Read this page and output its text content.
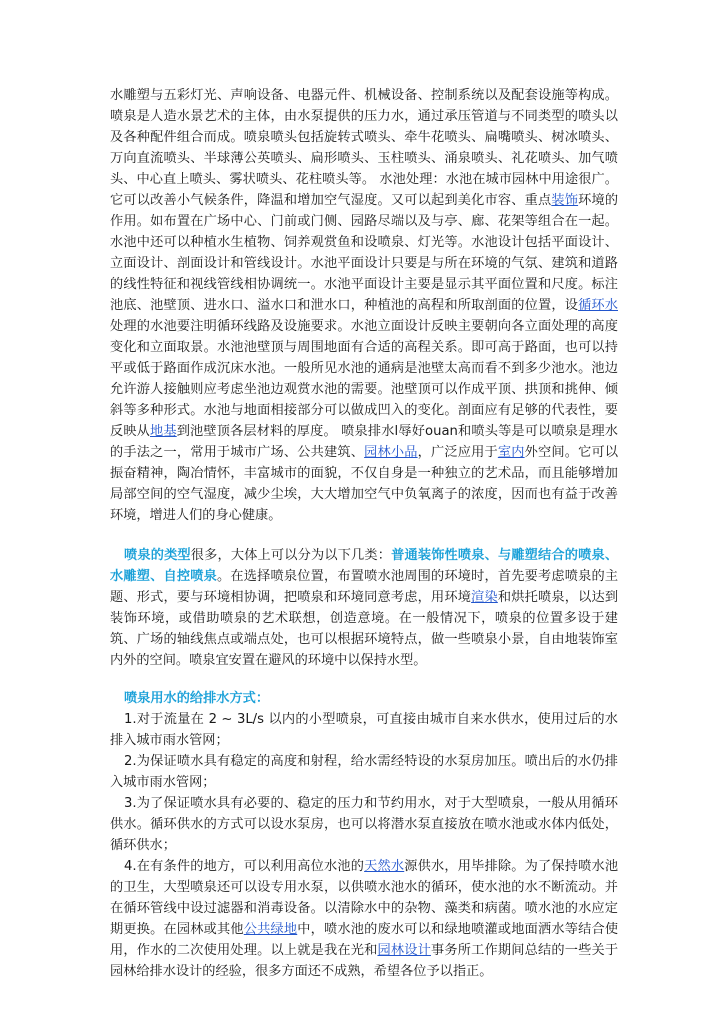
水雕塑与五彩灯光、声响设备、电器元件、机械设备、控制系统以及配套设施等构成。喷泉是人造水景艺术的主体，由水泵提供的压力水，通过承压管道与不同类型的喷头以及各种配件组合而成。喷泉喷头包括旋转式喷头、牵牛花喷头、扁嘴喷头、树冰喷头、万向直流喷头、半球薄公英喷头、扁形喷头、玉柱喷头、涌泉喷头、礼花喷头、加气喷头、中心直上喷头、雾状喷头、花柱喷头等。 水池处理：水池在城市园林中用途很广。它可以改善小气候条件，降温和增加空气湿度。又可以起到美化市容、重点装饰环境的作用。如布置在广场中心、门前或门侧、园路尽端以及与亭、廊、花架等组合在一起。水池中还可以种植水生植物、饲养观赏鱼和设喷泉、灯光等。水池设计包括平面设计、立面设计、剖面设计和管线设计。水池平面设计只要是与所在环境的气氛、建筑和道路的线性特征和视线管线相协调统一。水池平面设计主要是显示其平面位置和尺度。标注池底、池壁顶、进水口、溢水口和泄水口，种植池的高程和所取剖面的位置，设循环水处理的水池要注明循环线路及设施要求。水池立面设计反映主要朝向各立面处理的高度变化和立面取景。水池池壁顶与周围地面有合适的高程关系。即可高于路面，也可以持平或低于路面作成沉床水池。一般所见水池的通病是池壁太高而看不到多少池水。池边允许游人接触则应考虑坐池边观赏水池的需要。池壁顶可以作成平顶、拱顶和挑伸、倾斜等多种形式。水池与地面相接部分可以做成凹入的变化。剖面应有足够的代表性，要反映从地基到池壁顶各层材料的厚度。 喷泉排水l辱好ouan和喷头等是可以喷泉是理水的手法之一，常用于城市广场、公共建筑、园林小品，广泛应用于室内外空间。它可以振奋精神，陶冶情怀，丰富城市的面貌，不仅自身是一种独立的艺术品，而且能够增加局部空间的空气湿度，减少尘埃，大大增加空气中负氧离子的浓度，因而也有益于改善环境，增进人们的身心健康。

喷泉的类型很多，大体上可以分为以下几类：普通装饰性喷泉、与雕塑结合的喷泉、水雕塑、自控喷泉。在选择喷泉位置，布置喷水池周围的环境时，首先要考虑喷泉的主题、形式，要与环境相协调，把喷泉和环境同意考虑，用环境渲染和烘托喷泉，以达到装饰环境，或借助喷泉的艺术联想，创造意境。在一般情况下，喷泉的位置多设于建筑、广场的轴线焦点或端点处，也可以根据环境特点，做一些喷泉小景，自由地装饰室内外的空间。喷泉宜安置在避风的环境中以保持水型。

喷泉用水的给排水方式：

1.对于流量在 2 ~ 3L/s 以内的小型喷泉，可直接由城市自来水供水，使用过后的水排入城市雨水管网；

2.为保证喷水具有稳定的高度和射程，给水需经特设的水泵房加压。喷出后的水仍排入城市雨水管网；

3.为了保证喷水具有必要的、稳定的压力和节约用水，对于大型喷泉，一般从用循环供水。循环供水的方式可以设水泵房，也可以将潜水泵直接放在喷水池或水体内低处，循环供水；

4.在有条件的地方，可以利用高位水池的天然水源供水，用毕排除。为了保持喷水池的卫生，大型喷泉还可以设专用水泵，以供喷水池水的循环，使水池的水不断流动。并在循环管线中设过滤器和消毒设备。以清除水中的杂物、藻类和病菌。喷水池的水应定期更换。在园林或其他公共绿地中，喷水池的废水可以和绿地喷灌或地面洒水等结合使用，作水的二次使用处理。以上就是我在光和园林设计事务所工作期间总结的一些关于园林给排水设计的经验，很多方面还不成熟，希望各位予以指正。
